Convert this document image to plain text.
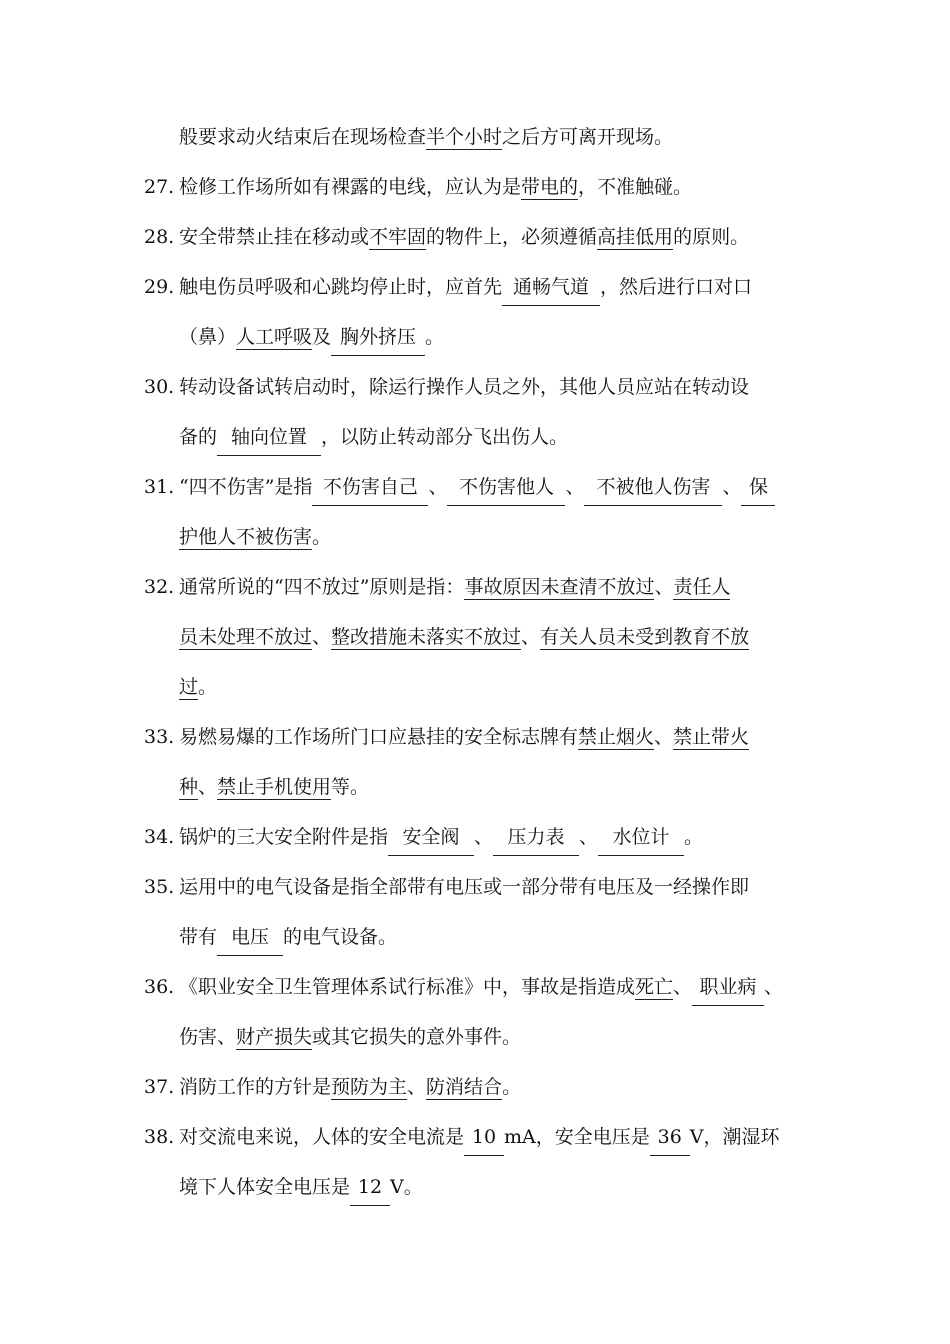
般要求动火结束后在现场检查半个小时之后方可离开现场。
27. 检修工作场所如有裸露的电线，应认为是带电的，不准触碰。
28. 安全带禁止挂在移动或不牢固的物件上，必须遵循高挂低用的原则。
29. 触电伤员呼吸和心跳均停止时，应首先 通畅气道 ，然后进行口对口
（鼻）人工呼吸及 胸外挤压 。
30. 转动设备试转启动时，除运行操作人员之外，其他人员应站在转动设
备的 轴向位置 ，以防止转动部分飞出伤人。
31. “四不伤害”是指 不伤害自己 、 不伤害他人 、 不被他人伤害 、 保
护他人不被伤害。
32. 通常所说的“四不放过”原则是指：事故原因未查清不放过、责任人
员未处理不放过、整改措施未落实不放过、有关人员未受到教育不放
过。
33. 易燃易爆的工作场所门口应悬挂的安全标志牌有禁止烟火、禁止带火
种、禁止手机使用等。
34. 锅炉的三大安全附件是指 安全阀 、 压力表 、 水位计 。
35. 运用中的电气设备是指全部带有电压或一部分带有电压及一经操作即
带有 电压 的电气设备。
36. 《职业安全卫生管理体系试行标准》中，事故是指造成死亡、 职业病 、
伤害、财产损失或其它损失的意外事件。
37. 消防工作的方针是预防为主、防消结合。
38. 对交流电来说，人体的安全电流是 10 mA，安全电压是 36 V，潮湿环
境下人体安全电压是 12 V。
